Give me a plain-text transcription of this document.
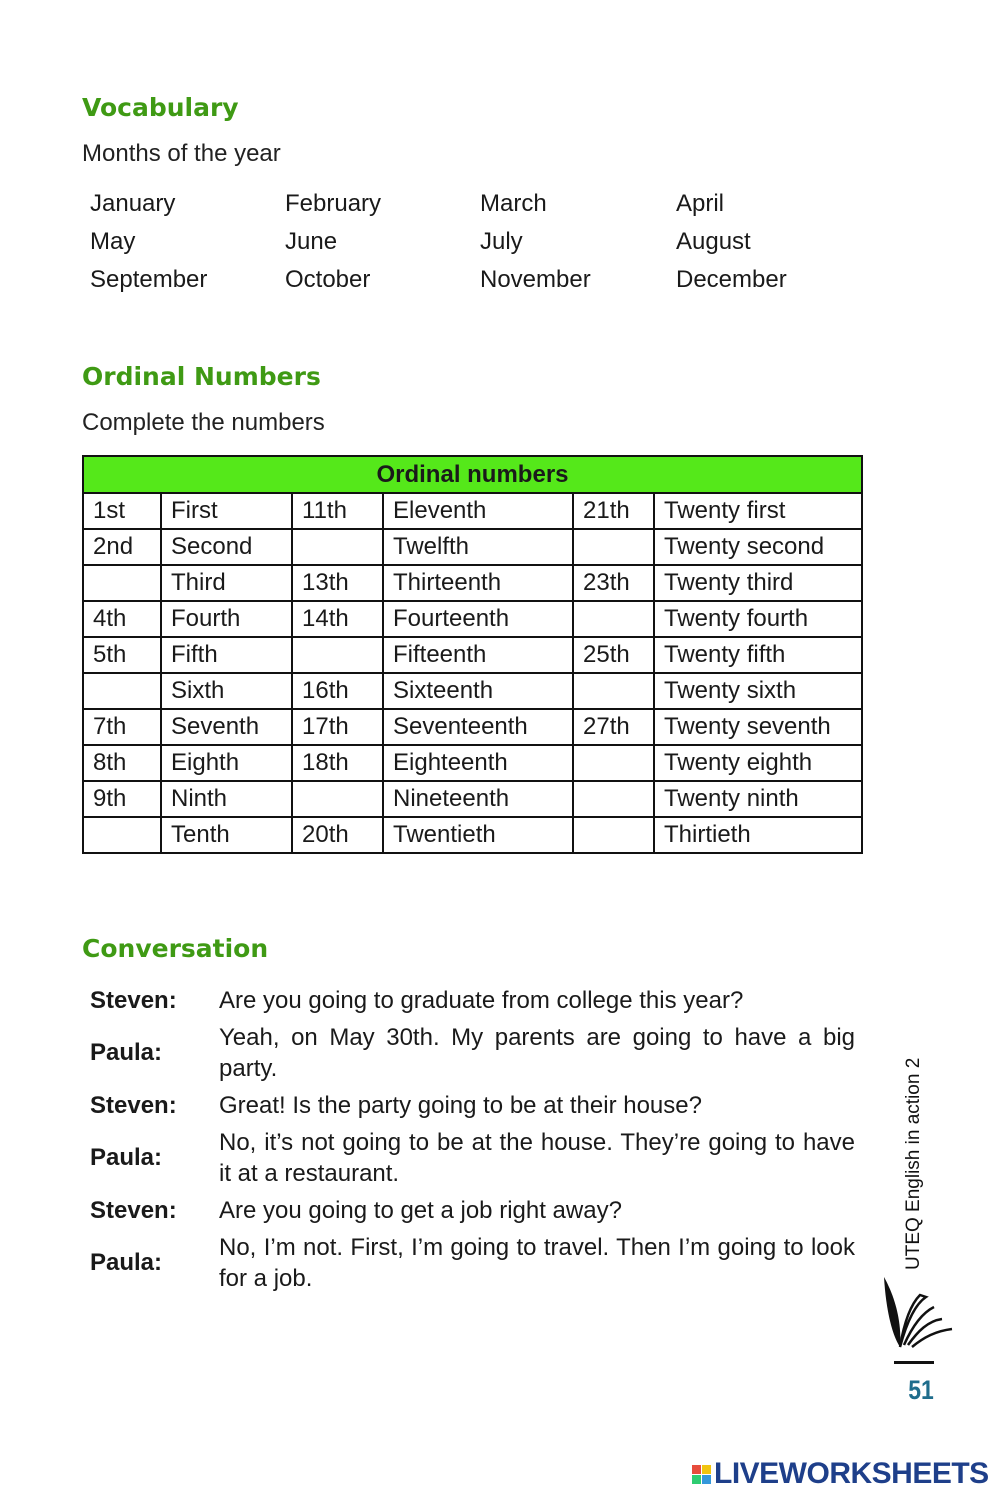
Vocabulary
Months of the year
January	February	March	April
May	June	July	August
September	October	November	December
Ordinal Numbers
Complete the numbers
Ordinal numbers					
1st	First	11th	Eleventh	21th	Twenty first
2nd	Second		Twelfth		Twenty second
	Third	13th	Thirteenth	23th	Twenty third
4th	Fourth	14th	Fourteenth		Twenty fourth
5th	Fifth		Fifteenth	25th	Twenty fifth
	Sixth	16th	Sixteenth		Twenty sixth
7th	Seventh	17th	Seventeenth	27th	Twenty seventh
8th	Eighth	18th	Eighteenth		Twenty eighth
9th	Ninth		Nineteenth		Twenty ninth
	Tenth	20th	Twentieth		Thirtieth
Conversation
Steven:	Are you going to graduate from college this year?
Paula:
Yeah, on May 30th. My parents are going to have a big party.
Steven:	Great! Is the party going to be at their house?
Paula:
No, it’s not going to be at the house. They’re going to have it at a restaurant.
Steven:	Are you going to get a job right away?
Paula:
No, I’m not. First, I’m going to travel. Then I’m going to look for a job.
UTEQ English in action 2
51
LIVEWORKSHEETS
